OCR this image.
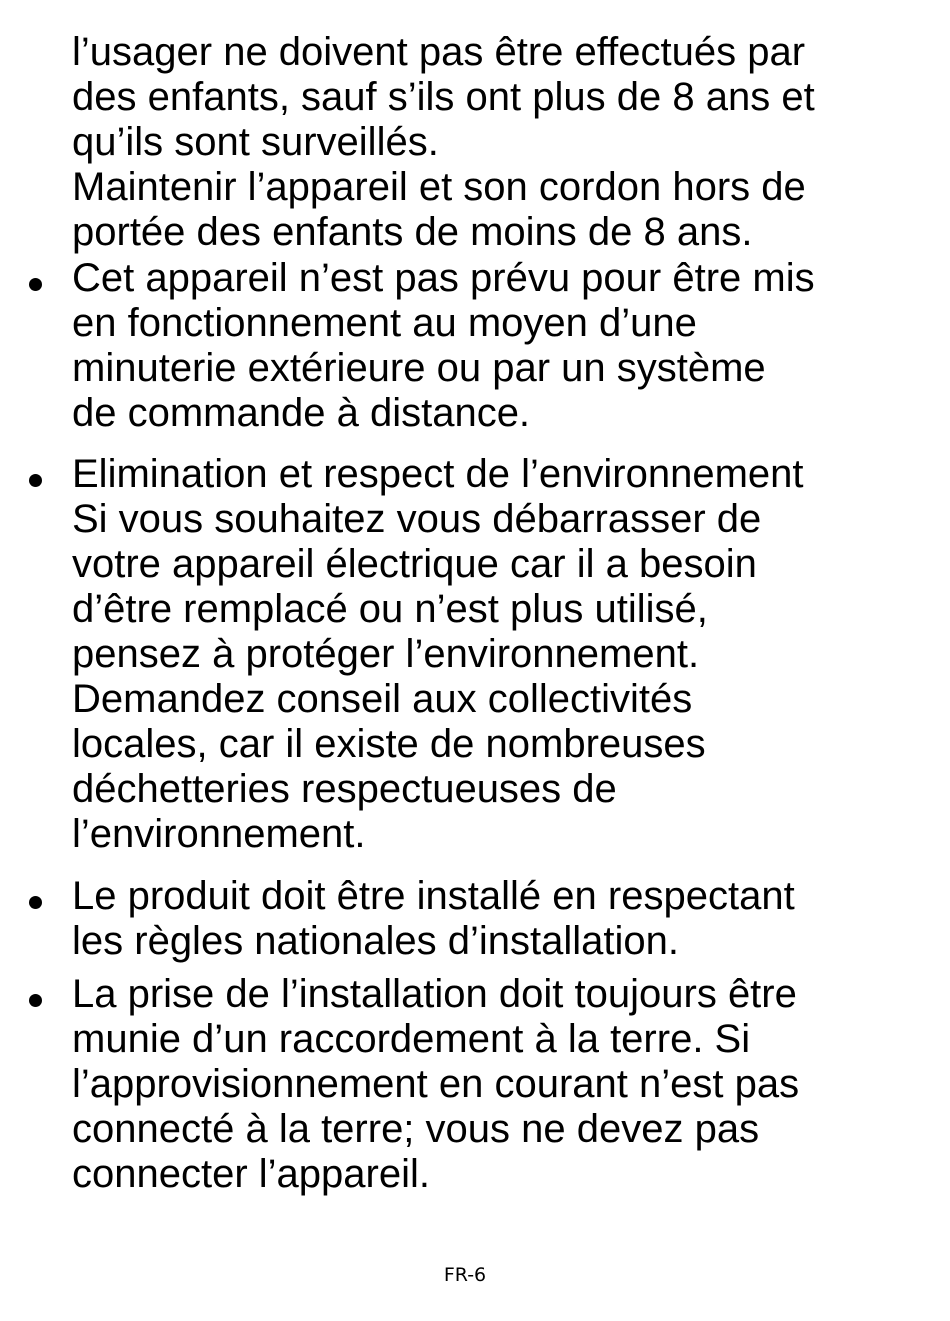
l’usager ne doivent pas être effectués par
des enfants, sauf s’ils ont plus de 8 ans et
qu’ils sont surveillés.
Maintenir l’appareil et son cordon hors de
portée des enfants de moins de 8 ans.
Cet appareil n’est pas prévu pour être mis
en fonctionnement au moyen d’une
minuterie extérieure ou par un système
de commande à distance.
Elimination et respect de l’environnement
Si vous souhaitez vous débarrasser de
votre appareil électrique car il a besoin
d’être remplacé ou n’est plus utilisé,
pensez à protéger l’environnement.
Demandez conseil aux collectivités
locales, car il existe de nombreuses
déchetteries respectueuses de
l’environnement.
Le produit doit être installé en respectant
les règles nationales d’installation.
La prise de l’installation doit toujours être
munie d’un raccordement à la terre. Si
l’approvisionnement en courant n’est pas
connecté à la terre; vous ne devez pas
connecter l’appareil.
FR-6
